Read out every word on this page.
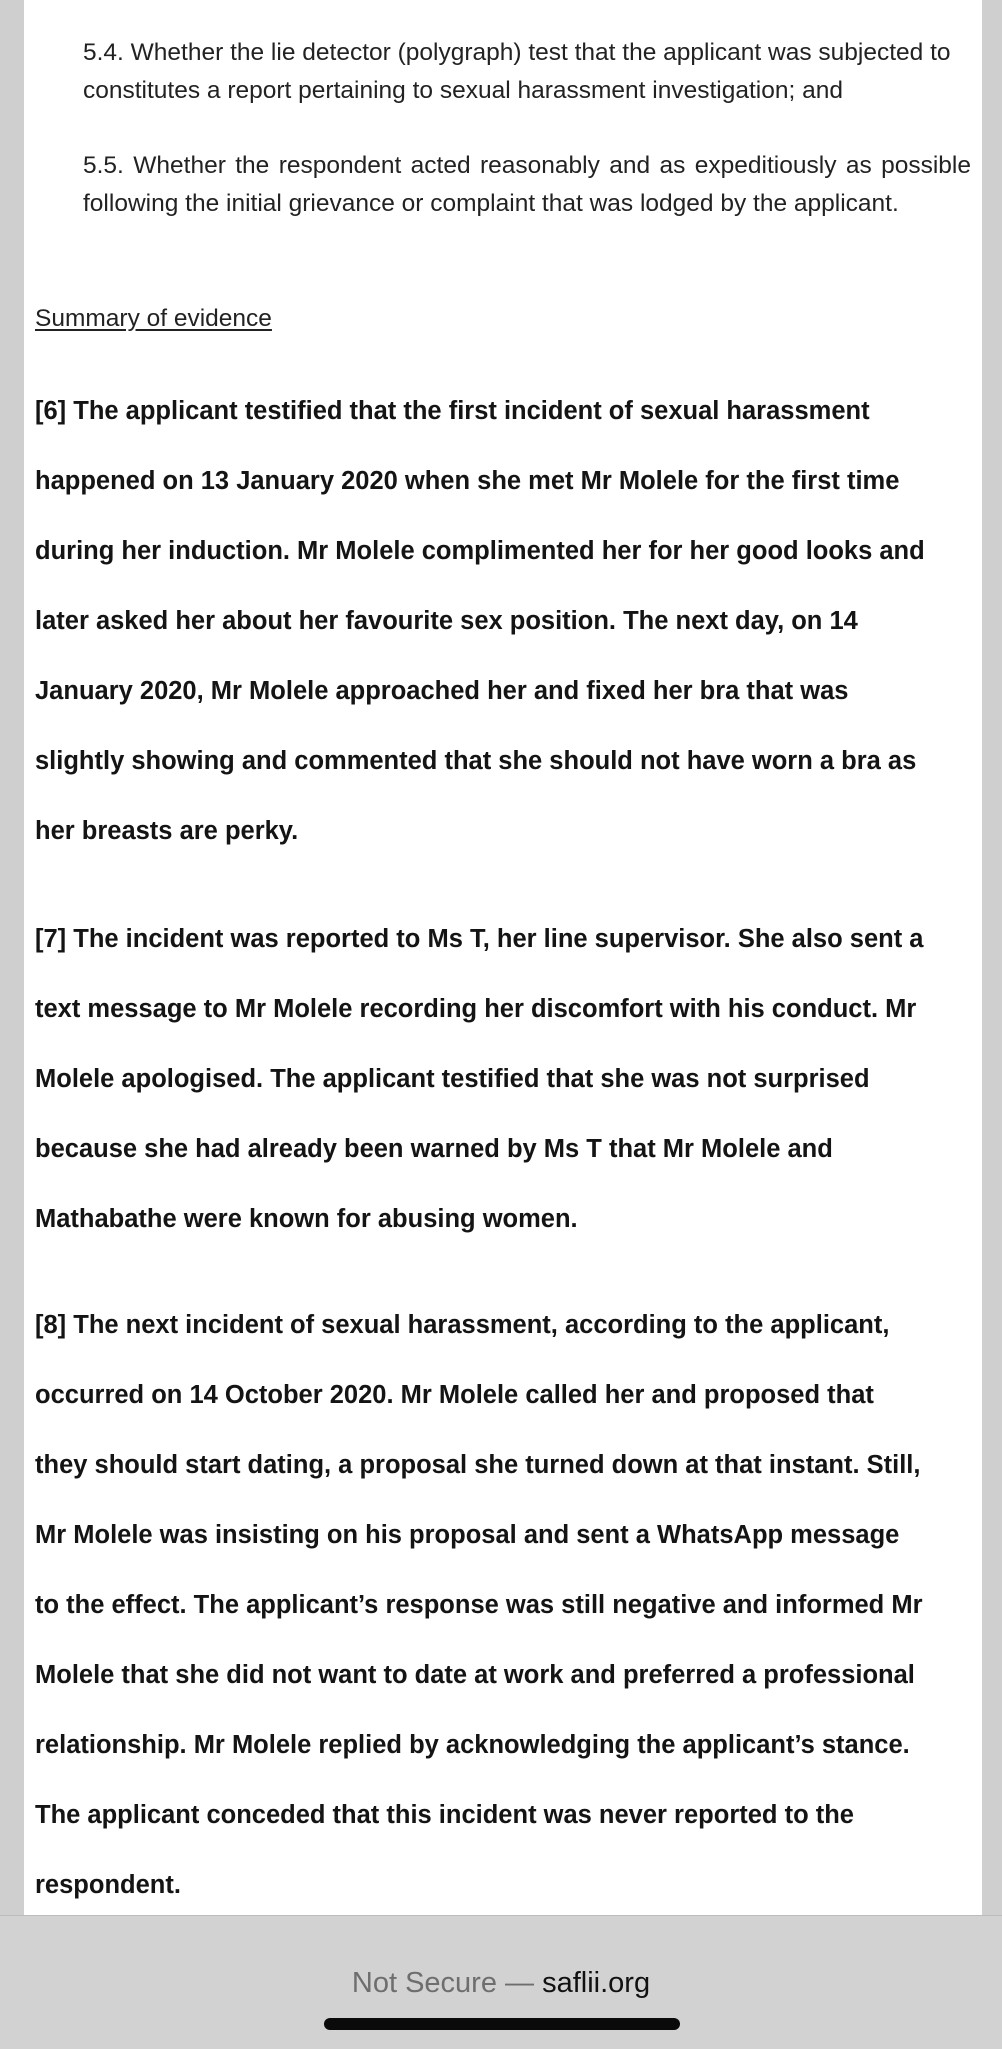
5.4. Whether the lie detector (polygraph) test that the applicant was subjected to constitutes a report pertaining to sexual harassment investigation; and

5.5. Whether the respondent acted reasonably and as expeditiously as possible following the initial grievance or complaint that was lodged by the applicant.

Summary of evidence

[6] The applicant testified that the first incident of sexual harassment
happened on 13 January 2020 when she met Mr Molele for the first time
during her induction. Mr Molele complimented her for her good looks and
later asked her about her favourite sex position. The next day, on 14
January 2020, Mr Molele approached her and fixed her bra that was
slightly showing and commented that she should not have worn a bra as
her breasts are perky.
[7] The incident was reported to Ms T, her line supervisor. She also sent a
text message to Mr Molele recording her discomfort with his conduct. Mr
Molele apologised. The applicant testified that she was not surprised
because she had already been warned by Ms T that Mr Molele and
Mathabathe were known for abusing women.
[8] The next incident of sexual harassment, according to the applicant,
occurred on 14 October 2020. Mr Molele called her and proposed that
they should start dating, a proposal she turned down at that instant. Still,
Mr Molele was insisting on his proposal and sent a WhatsApp message
to the effect. The applicant’s response was still negative and informed Mr
Molele that she did not want to date at work and preferred a professional
relationship. Mr Molele replied by acknowledging the applicant’s stance.
The applicant conceded that this incident was never reported to the
respondent.
Not Secure — saflii.org
